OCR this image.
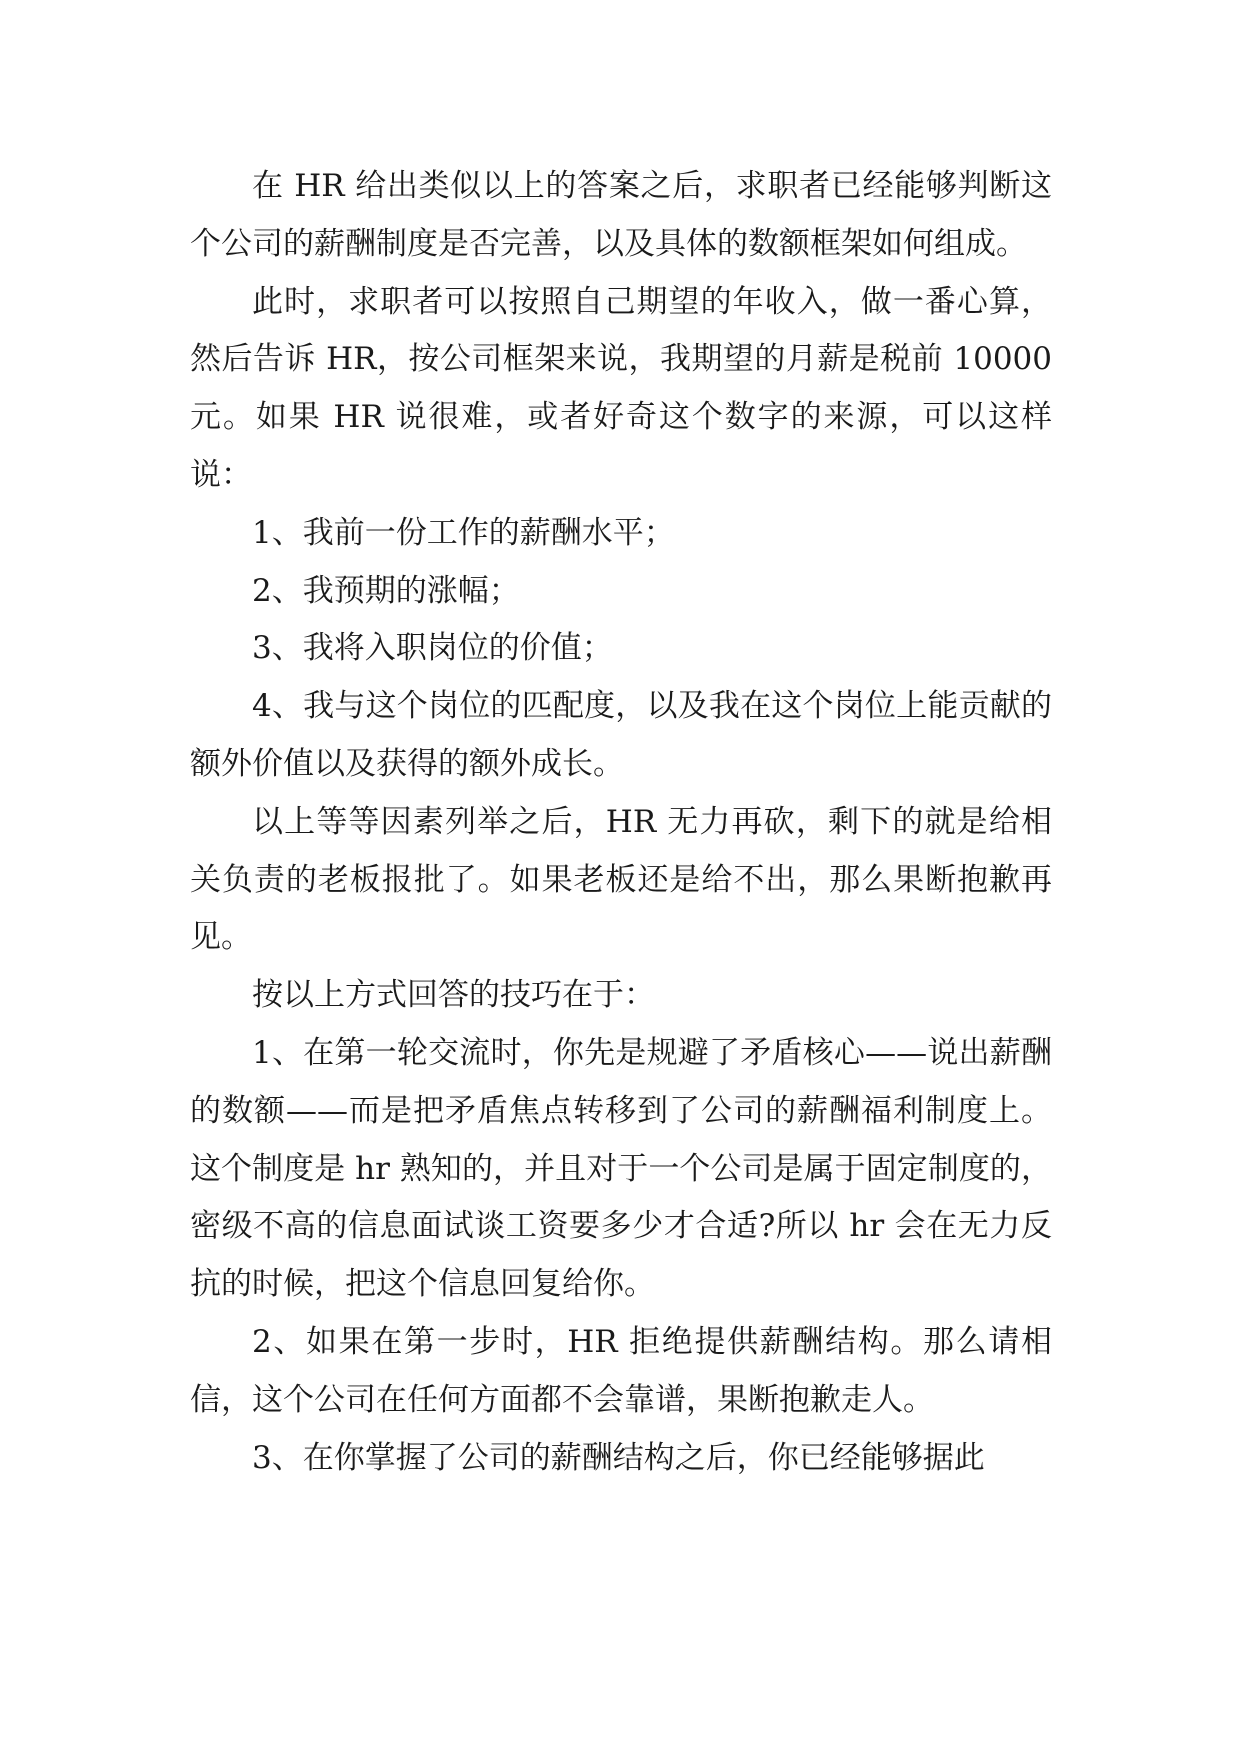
在 HR 给出类似以上的答案之后，求职者已经能够判断这个公司的薪酬制度是否完善，以及具体的数额框架如何组成。

此时，求职者可以按照自己期望的年收入，做一番心算，然后告诉 HR，按公司框架来说，我期望的月薪是税前 10000 元。如果 HR 说很难，或者好奇这个数字的来源，可以这样说：

1、我前一份工作的薪酬水平；

2、我预期的涨幅；

3、我将入职岗位的价值；

4、我与这个岗位的匹配度，以及我在这个岗位上能贡献的额外价值以及获得的额外成长。

以上等等因素列举之后，HR 无力再砍，剩下的就是给相关负责的老板报批了。如果老板还是给不出，那么果断抱歉再见。

按以上方式回答的技巧在于：

1、在第一轮交流时，你先是规避了矛盾核心——说出薪酬的数额——而是把矛盾焦点转移到了公司的薪酬福利制度上。这个制度是 hr 熟知的，并且对于一个公司是属于固定制度的，密级不高的信息面试谈工资要多少才合适?所以 hr 会在无力反抗的时候，把这个信息回复给你。

2、如果在第一步时，HR 拒绝提供薪酬结构。那么请相信，这个公司在任何方面都不会靠谱，果断抱歉走人。

3、在你掌握了公司的薪酬结构之后，你已经能够据此
